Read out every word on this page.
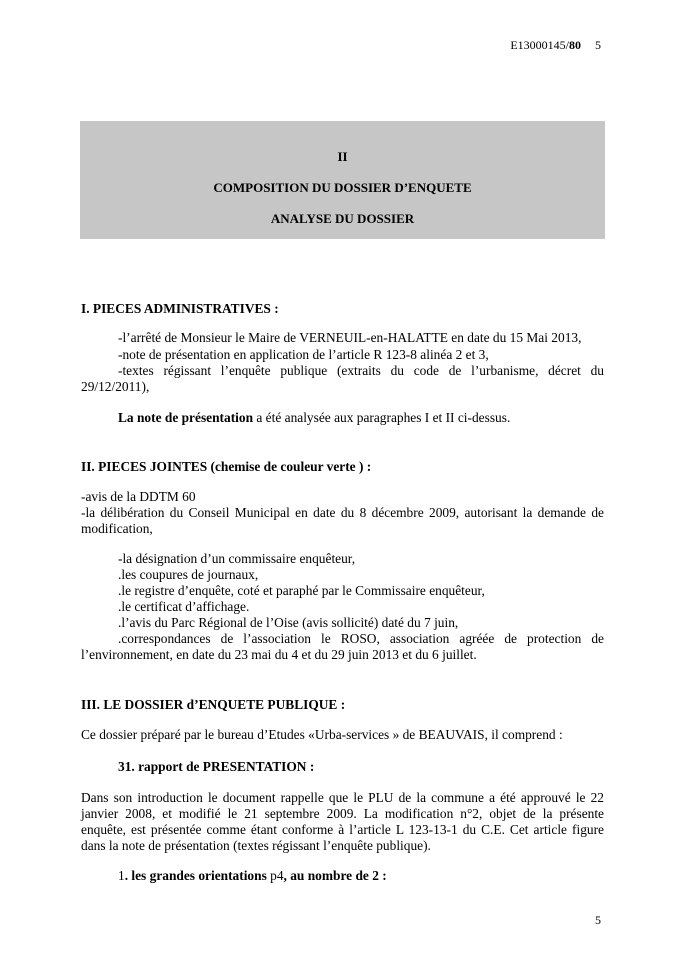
E13000145/80 5
II
COMPOSITION DU DOSSIER D’ENQUETE
ANALYSE DU DOSSIER
I. PIECES ADMINISTRATIVES :
-l’arrêté de Monsieur le Maire de VERNEUIL-en-HALATTE en date du 15 Mai 2013,
-note de présentation en application de l’article R 123-8 alinéa 2 et 3,
-textes régissant l’enquête publique (extraits du code de l’urbanisme, décret du
29/12/2011),
La note de présentation a été analysée aux paragraphes I et II ci-dessus.
II. PIECES JOINTES (chemise de couleur verte ) :
-avis de la DDTM 60
-la délibération du Conseil Municipal en date du 8 décembre 2009, autorisant la demande de
modification,
-la désignation d’un commissaire enquêteur,
.les coupures de journaux,
.le registre d’enquête, coté et paraphé par le Commissaire enquêteur,
.le certificat d’affichage.
.l’avis du Parc Régional de l’Oise (avis sollicité) daté du 7 juin,
.correspondances de l’association le ROSO, association agréée de protection de
l’environnement, en date du 23 mai du 4 et du 29 juin 2013 et du 6 juillet.
III. LE DOSSIER d’ENQUETE PUBLIQUE :
Ce dossier préparé par le bureau d’Etudes «Urba-services » de BEAUVAIS, il comprend :
31. rapport de PRESENTATION :
Dans son introduction le document rappelle que le PLU de la commune a été approuvé le 22
janvier 2008, et modifié le 21 septembre 2009. La modification n°2, objet de la présente
enquête, est présentée comme étant conforme à l’article L 123-13-1 du C.E. Cet article figure
dans la note de présentation (textes régissant l’enquête publique).
1. les grandes orientations p4, au nombre de 2 :
5
